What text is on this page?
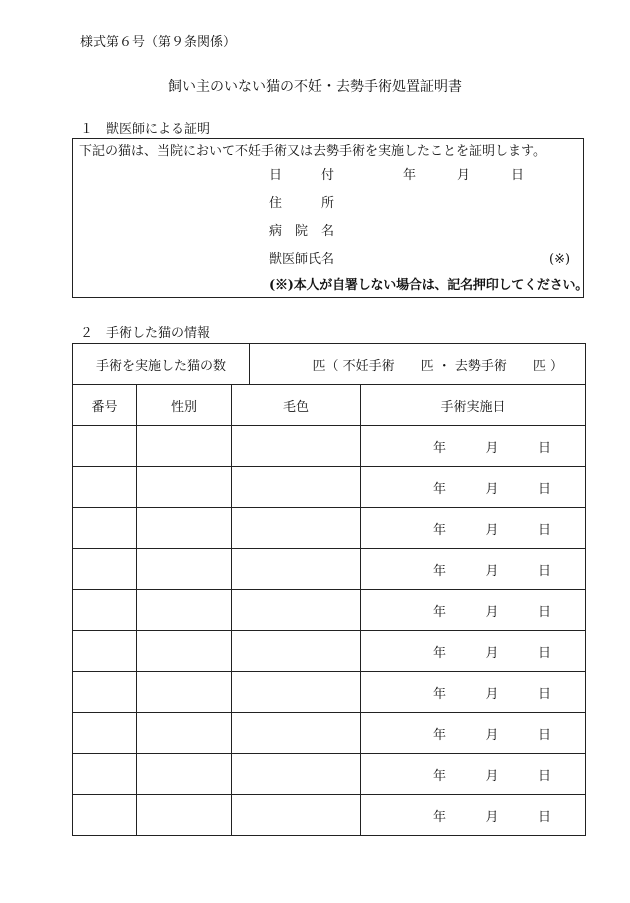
様式第６号（第９条関係）
飼い主のいない猫の不妊・去勢手術処置証明書
１　獣医師による証明
下記の猫は、当院において不妊手術又は去勢手術を実施したことを証明します。
日　　　付	年	月	日
住　　　所
病　院　名
獣医師氏名	(※)
(※)本人が自署しない場合は、記名押印してください。
２　手術した猫の情報
手術を実施した猫の数			匹（ 不妊手術　　匹 ・ 去勢手術　　匹 ）	
番号	性別	毛色		手術実施日

				年 月 日

				年 月 日

				年 月 日

				年 月 日

				年 月 日

				年 月 日

				年 月 日

				年 月 日

				年 月 日

				年 月 日
